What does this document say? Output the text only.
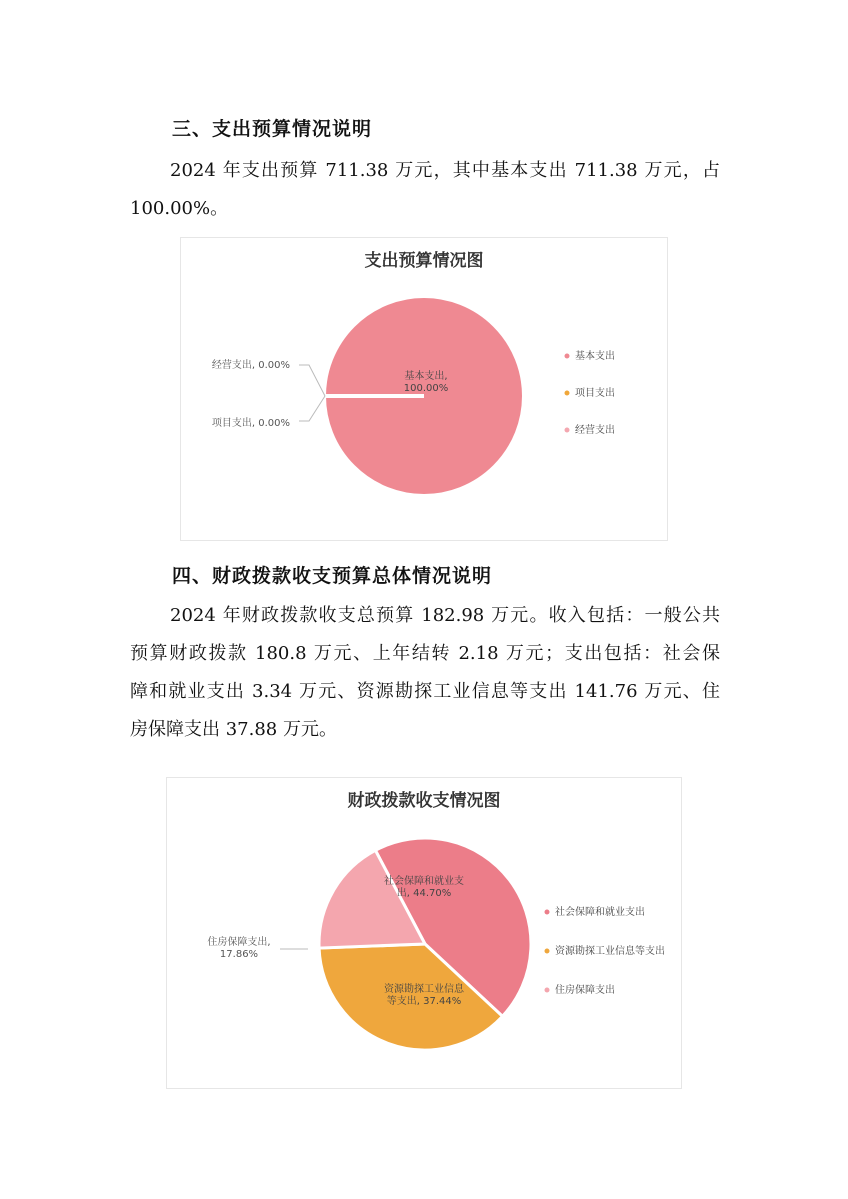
三、支出预算情况说明
2024 年支出预算 711.38 万元，其中基本支出 711.38 万元，占
100.00%。
支出预算情况图
基本支出,
100.00%
项目支出, 0.00%
经营支出, 0.00%
基本支出
项目支出
经营支出
四、财政拨款收支预算总体情况说明
2024 年财政拨款收支总预算 182.98 万元。收入包括：一般公共
预算财政拨款 180.8 万元、上年结转 2.18 万元；支出包括：社会保
障和就业支出 3.34 万元、资源勘探工业信息等支出 141.76 万元、住
房保障支出 37.88 万元。
财政拨款收支情况图
社会保障和就业支
出, 44.70%
资源勘探工业信息
等支出, 37.44%
住房保障支出,
17.86%
社会保障和就业支出
资源勘探工业信息等支出
住房保障支出
